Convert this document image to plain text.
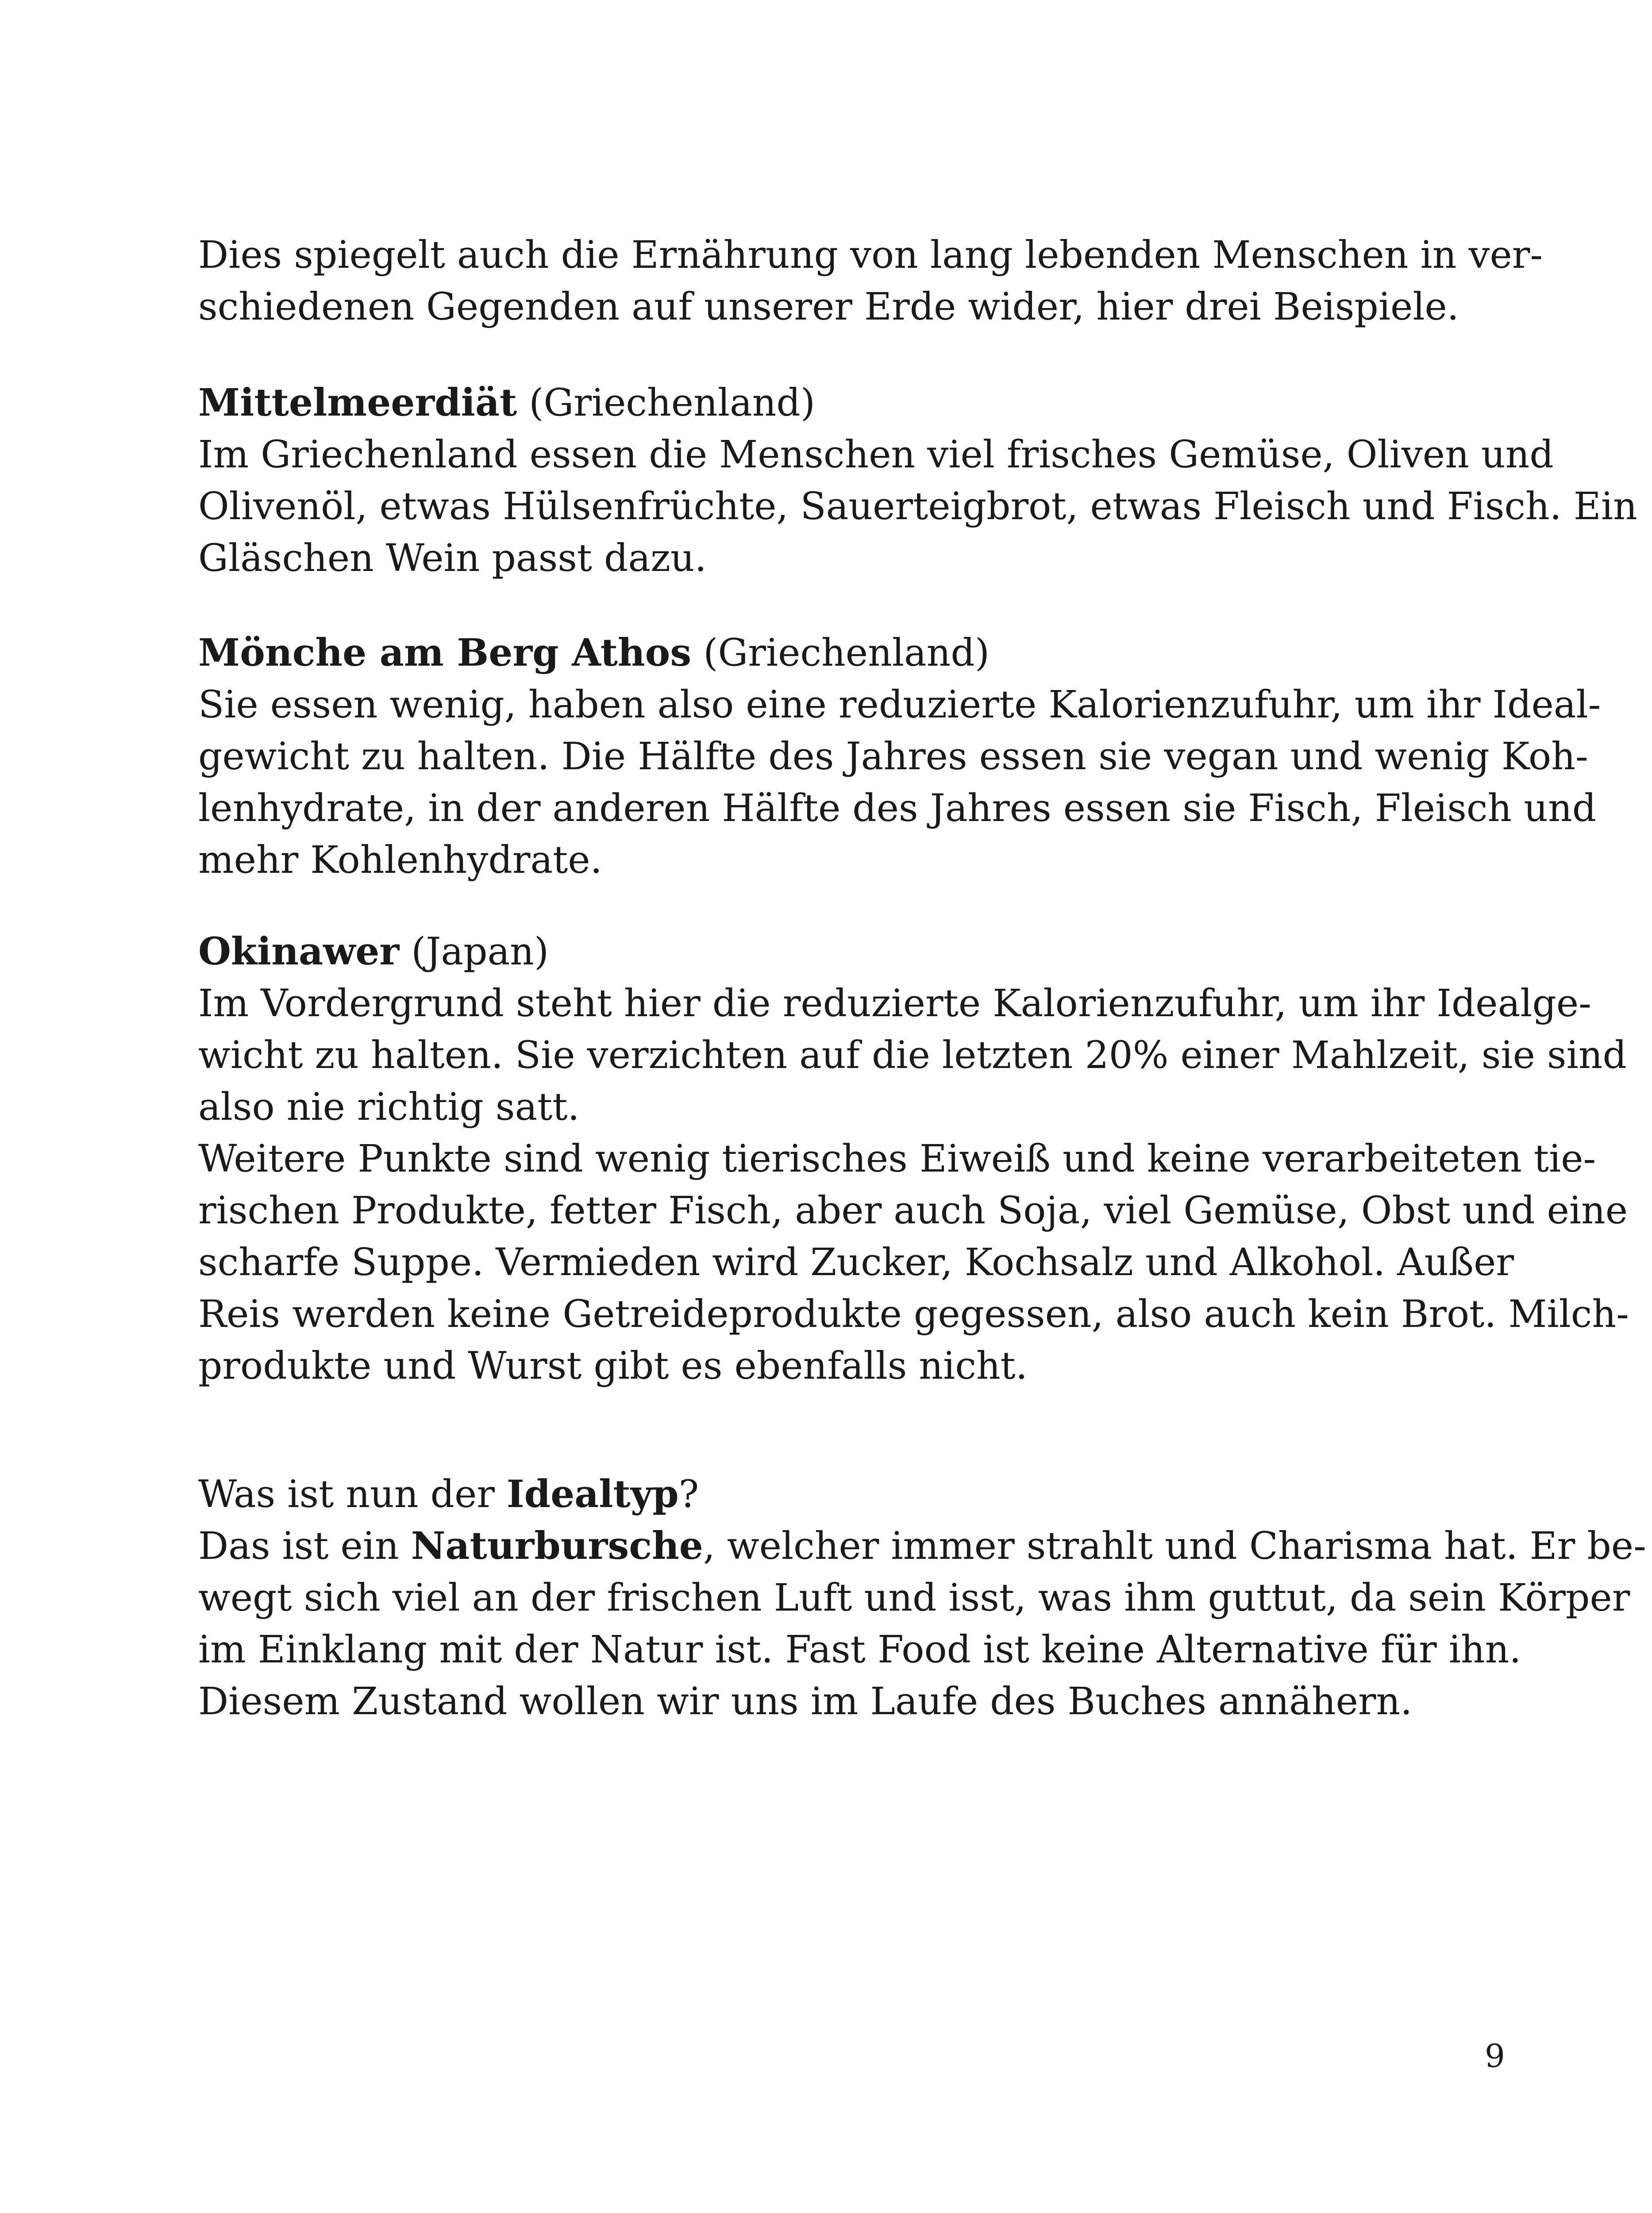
Dies spiegelt auch die Ernährung von lang lebenden Menschen in ver-

schiedenen Gegenden auf unserer Erde wider, hier drei Beispiele.

Mittelmeerdiät (Griechenland)

Im Griechenland essen die Menschen viel frisches Gemüse, Oliven und

Olivenöl, etwas Hülsenfrüchte, Sauerteigbrot, etwas Fleisch und Fisch. Ein

Gläschen Wein passt dazu.

Mönche am Berg Athos (Griechenland)

Sie essen wenig, haben also eine reduzierte Kalorienzufuhr, um ihr Ideal-

gewicht zu halten. Die Hälfte des Jahres essen sie vegan und wenig Koh-

lenhydrate, in der anderen Hälfte des Jahres essen sie Fisch, Fleisch und

mehr Kohlenhydrate.

Okinawer (Japan)

Im Vordergrund steht hier die reduzierte Kalorienzufuhr, um ihr Idealge-

wicht zu halten. Sie verzichten auf die letzten 20% einer Mahlzeit, sie sind

also nie richtig satt.

Weitere Punkte sind wenig tierisches Eiweiß und keine verarbeiteten tie-

rischen Produkte, fetter Fisch, aber auch Soja, viel Gemüse, Obst und eine

scharfe Suppe. Vermieden wird Zucker, Kochsalz und Alkohol. Außer

Reis werden keine Getreideprodukte gegessen, also auch kein Brot. Milch-

produkte und Wurst gibt es ebenfalls nicht.

Was ist nun der Idealtyp?

Das ist ein Naturbursche, welcher immer strahlt und Charisma hat. Er be-

wegt sich viel an der frischen Luft und isst, was ihm guttut, da sein Körper

im Einklang mit der Natur ist. Fast Food ist keine Alternative für ihn.

Diesem Zustand wollen wir uns im Laufe des Buches annähern.

9
